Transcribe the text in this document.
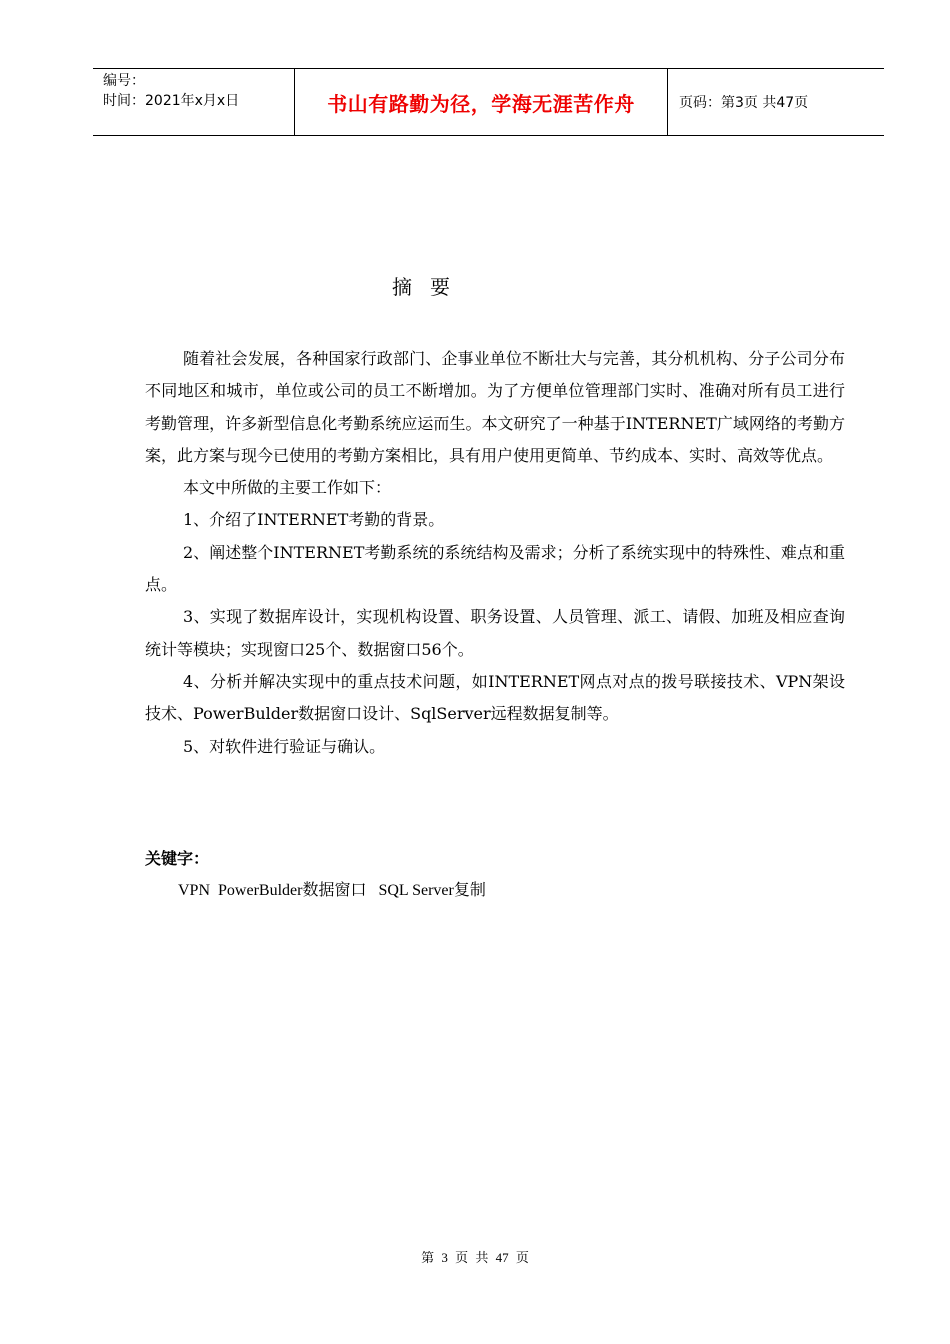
编号：
时间：2021年x月x日	书山有路勤为径，学海无涯苦作舟	页码：第3页 共47页
摘要

随着社会发展，各种国家行政部门、企事业单位不断壮大与完善，其分机机构、分子公司分布不同地区和城市，单位或公司的员工不断增加。为了方便单位管理部门实时、准确对所有员工进行考勤管理，许多新型信息化考勤系统应运而生。本文研究了一种基于INTERNET广域网络的考勤方案，此方案与现今已使用的考勤方案相比，具有用户使用更简单、节约成本、实时、高效等优点。

本文中所做的主要工作如下：

1、介绍了INTERNET考勤的背景。

2、阐述整个INTERNET考勤系统的系统结构及需求；分析了系统实现中的特殊性、难点和重点。

3、实现了数据库设计，实现机构设置、职务设置、人员管理、派工、请假、加班及相应查询统计等模块；实现窗口25个、数据窗口56个。

4、分析并解决实现中的重点技术问题，如INTERNET网点对点的拨号联接技术、VPN架设技术、PowerBulder数据窗口设计、SqlServer远程数据复制等。

5、对软件进行验证与确认。

关键字：
VPN  PowerBulder数据窗口   SQL Server复制
第 3 页 共 47 页
